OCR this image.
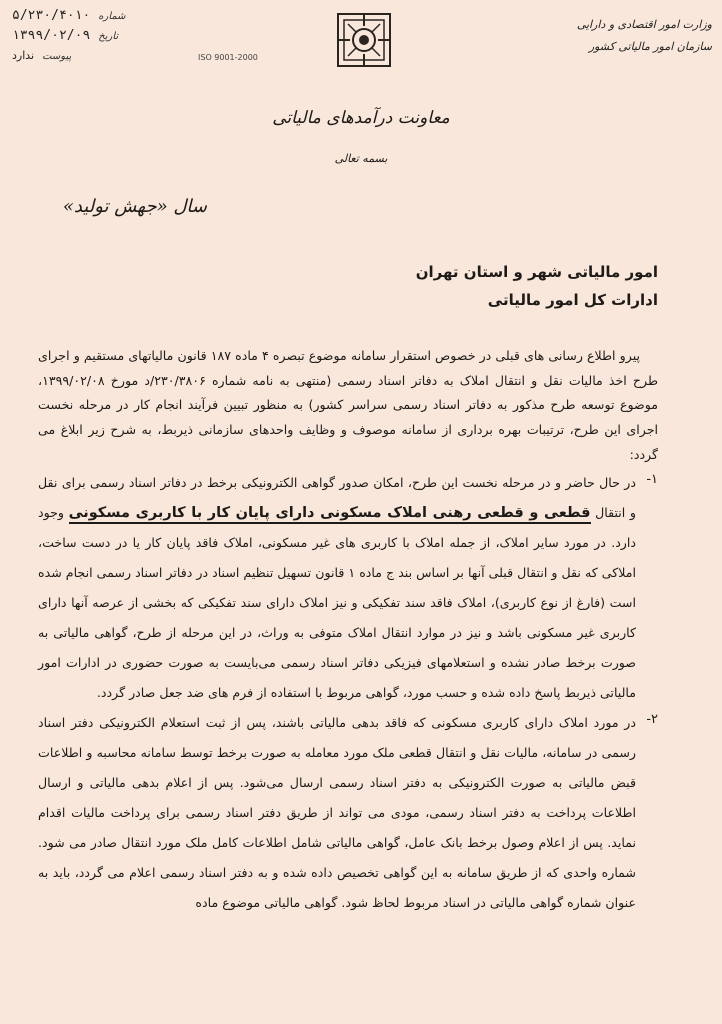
وزارت امور اقتصادی و دارایی
سازمان امور مالیاتی کشور
ISO 9001-2000
شماره
۵/۲۳۰/۴۰۱۰
تاریخ
۱۳۹۹/۰۲/۰۹
پیوست
ندارد
معاونت درآمدهای مالیاتی
بسمه تعالی
سال «جهش تولید»
امور مالیاتی شهر و استان تهران
ادارات کل امور مالیاتی

پیرو اطلاع رسانی های قبلی در خصوص استقرار سامانه موضوع تبصره ۴ ماده ۱۸۷ قانون مالیاتهای مستقیم و اجرای طرح اخذ مالیات نقل و انتقال املاک به دفاتر اسناد رسمی (منتهی به نامه شماره ۲۳۰/۳۸۰۶/د مورخ ۱۳۹۹/۰۲/۰۸، موضوع توسعه طرح مذکور به دفاتر اسناد رسمی سراسر کشور) به منظور تبیین فرآیند انجام کار در مرحله نخست اجرای این طرح، ترتیبات بهره برداری از سامانه موصوف و وظایف واحدهای سازمانی ذیربط، به شرح زیر ابلاغ می گردد:

۱-
در حال حاضر و در مرحله نخست این طرح، امکان صدور گواهی الکترونیکی برخط در دفاتر اسناد رسمی برای نقل و انتقال قطعی و قطعی رهنی املاک مسکونی دارای پایان کار با کاربری مسکونی وجود دارد. در مورد سایر املاک، از جمله املاک با کاربری های غیر مسکونی، املاک فاقد پایان کار یا در دست ساخت، املاکی که نقل و انتقال قبلی آنها بر اساس بند ج ماده ۱ قانون تسهیل تنظیم اسناد در دفاتر اسناد رسمی انجام شده است (فارغ از نوع کاربری)، املاک فاقد سند تفکیکی و نیز املاک دارای سند تفکیکی که بخشی از عرصه آنها دارای کاربری غیر مسکونی باشد و نیز در موارد انتقال املاک متوفی به وراث، در این مرحله از طرح، گواهی مالیاتی به صورت برخط صادر نشده و استعلامهای فیزیکی دفاتر اسناد رسمی می‌بایست به صورت حضوری در ادارات امور مالیاتی ذیربط پاسخ داده شده و حسب مورد، گواهی مربوط با استفاده از فرم های ضد جعل صادر گردد.
۲-
در مورد املاک دارای کاربری مسکونی که فاقد بدهی مالیاتی باشند، پس از ثبت استعلام الکترونیکی دفتر اسناد رسمی در سامانه، مالیات نقل و انتقال قطعی ملک مورد معامله به صورت برخط توسط سامانه محاسبه و اطلاعات قبض مالیاتی به صورت الکترونیکی به دفتر اسناد رسمی ارسال می‌شود. پس از اعلام بدهی مالیاتی و ارسال اطلاعات پرداخت به دفتر اسناد رسمی، مودی می تواند از طریق دفتر اسناد رسمی برای پرداخت مالیات اقدام نماید. پس از اعلام وصول برخط بانک عامل، گواهی مالیاتی شامل اطلاعات کامل ملک مورد انتقال صادر می شود. شماره واحدی که از طریق سامانه به این گواهی تخصیص داده شده و به دفتر اسناد رسمی اعلام می گردد، باید به عنوان شماره گواهی مالیاتی در اسناد مربوط لحاظ شود. گواهی مالیاتی موضوع ماده
